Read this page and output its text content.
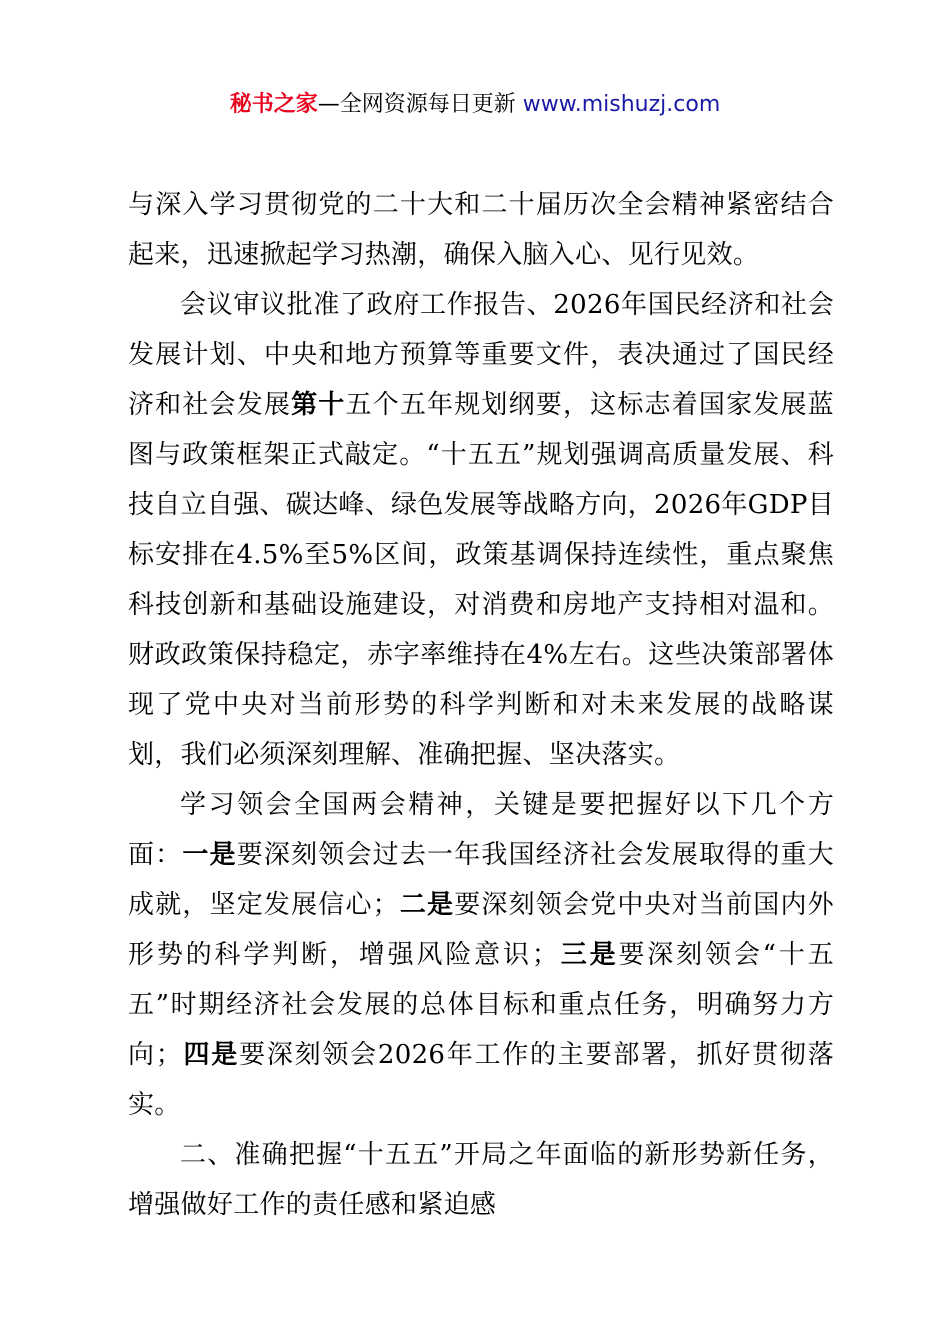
秘书之家—全网资源每日更新 www.mishuzj.com

与深入学习贯彻党的二十大和二十届历次全会精神紧密结合起来，迅速掀起学习热潮，确保入脑入心、见行见效。

会议审议批准了政府工作报告、2026年国民经济和社会发展计划、中央和地方预算等重要文件，表决通过了国民经济和社会发展第十五个五年规划纲要，这标志着国家发展蓝图与政策框架正式敲定。“十五五”规划强调高质量发展、科技自立自强、碳达峰、绿色发展等战略方向，2026年GDP目标安排在4.5%至5%区间，政策基调保持连续性，重点聚焦科技创新和基础设施建设，对消费和房地产支持相对温和。财政政策保持稳定，赤字率维持在4%左右。这些决策部署体现了党中央对当前形势的科学判断和对未来发展的战略谋划，我们必须深刻理解、准确把握、坚决落实。

学习领会全国两会精神，关键是要把握好以下几个方面：一是要深刻领会过去一年我国经济社会发展取得的重大成就，坚定发展信心；二是要深刻领会党中央对当前国内外形势的科学判断，增强风险意识；三是要深刻领会“十五五”时期经济社会发展的总体目标和重点任务，明确努力方向；四是要深刻领会2026年工作的主要部署，抓好贯彻落实。

二、准确把握“十五五”开局之年面临的新形势新任务，增强做好工作的责任感和紧迫感
